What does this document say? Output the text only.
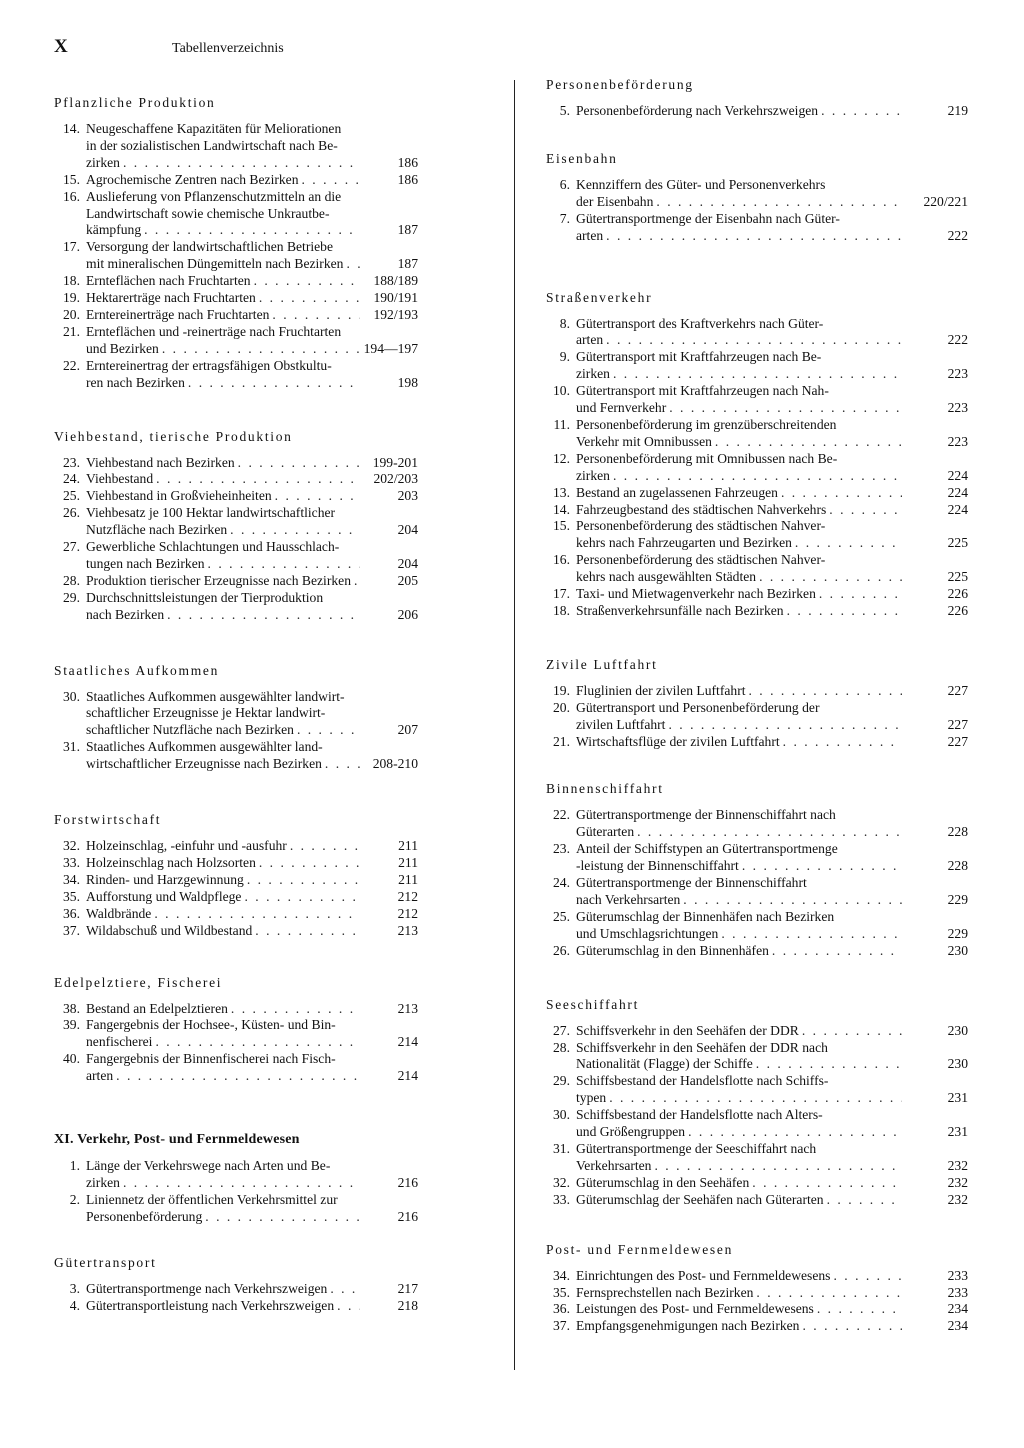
X	Tabellenverzeichnis
Pflanzliche Produktion
14. Neugeschaffene Kapazitäten für Meliorationen
in der sozialistischen Landwirtschaft nach Be-
zirken . . .	186
15. Agrochemische Zentren nach Bezirken . . .	186
16. Auslieferung von Pflanzenschutzmitteln an die
Landwirtschaft sowie chemische Unkrautbe-
kämpfung . . .	187
17. Versorgung der landwirtschaftlichen Betriebe
mit mineralischen Düngemitteln nach Bezirken . . .	187
18. Ernteflächen nach Fruchtarten . . .	188/189
19. Hektarerträge nach Fruchtarten . . .	190/191
20. Erntereinerträge nach Fruchtarten . . .	192/193
21. Ernteflächen und -reinerträge nach Fruchtarten
und Bezirken . . .	194—197
22. Erntereinertrag der ertragsfähigen Obstkultu-
ren nach Bezirken . . .	198
Viehbestand, tierische Produktion
23. Viehbestand nach Bezirken . . .	199-201
24. Viehbestand . . .	202/203
25. Viehbestand in Großvieheinheiten . . .	203
26. Viehbesatz je 100 Hektar landwirtschaftlicher
Nutzfläche nach Bezirken . . .	204
27. Gewerbliche Schlachtungen und Hausschlach-
tungen nach Bezirken . . .	204
28. Produktion tierischer Erzeugnisse nach Bezirken . . .	205
29. Durchschnittsleistungen der Tierproduktion
nach Bezirken . . .	206
Staatliches Aufkommen
30. Staatliches Aufkommen ausgewählter landwirt-
schaftlicher Erzeugnisse je Hektar landwirt-
schaftlicher Nutzfläche nach Bezirken . . .	207
31. Staatliches Aufkommen ausgewählter land-
wirtschaftlicher Erzeugnisse nach Bezirken . . .	208-210
Forstwirtschaft
32. Holzeinschlag, -einfuhr und -ausfuhr . . .	211
33. Holzeinschlag nach Holzsorten . . .	211
34. Rinden- und Harzgewinnung . . .	211
35. Aufforstung und Waldpflege . . .	212
36. Waldbrände . . .	212
37. Wildabschuß und Wildbestand . . .	213
Edelpelztiere, Fischerei
38. Bestand an Edelpelztieren . . .	213
39. Fangergebnis der Hochsee-, Küsten- und Bin-
nenfischerei . . .	214
40. Fangergebnis der Binnenfischerei nach Fisch-
arten . . .	214
XI. Verkehr, Post- und Fernmeldewesen
1. Länge der Verkehrswege nach Arten und Be-
zirken . . .	216
2. Liniennetz der öffentlichen Verkehrsmittel zur
Personenbeförderung . . .	216
Gütertransport
3. Gütertransportmenge nach Verkehrszweigen . . .	217
4. Gütertransportleistung nach Verkehrszweigen . . .	218
Personenbeförderung
5. Personenbeförderung nach Verkehrszweigen . . .	219
Eisenbahn
6. Kennziffern des Güter- und Personenverkehrs
der Eisenbahn . . .	220/221
7. Gütertransportmenge der Eisenbahn nach Güter-
arten . . .	222
Straßenverkehr
8. Gütertransport des Kraftverkehrs nach Güter-
arten . . .	222
9. Gütertransport mit Kraftfahrzeugen nach Be-
zirken . . .	223
10. Gütertransport mit Kraftfahrzeugen nach Nah-
und Fernverkehr . . .	223
11. Personenbeförderung im grenzüberschreitenden
Verkehr mit Omnibussen . . .	223
12. Personenbeförderung mit Omnibussen nach Be-
zirken . . .	224
13. Bestand an zugelassenen Fahrzeugen . . .	224
14. Fahrzeugbestand des städtischen Nahverkehrs . . .	224
15. Personenbeförderung des städtischen Nahver-
kehrs nach Fahrzeugarten und Bezirken . . .	225
16. Personenbeförderung des städtischen Nahver-
kehrs nach ausgewählten Städten . . .	225
17. Taxi- und Mietwagenverkehr nach Bezirken . . .	226
18. Straßenverkehrsunfälle nach Bezirken . . .	226
Zivile Luftfahrt
19. Fluglinien der zivilen Luftfahrt . . .	227
20. Gütertransport und Personenbeförderung der
zivilen Luftfahrt . . .	227
21. Wirtschaftsflüge der zivilen Luftfahrt . . .	227
Binnenschiffahrt
22. Gütertransportmenge der Binnenschiffahrt nach
Güterarten . . .	228
23. Anteil der Schiffstypen an Gütertransportmenge
-leistung der Binnenschiffahrt . . .	228
24. Gütertransportmenge der Binnenschiffahrt
nach Verkehrsarten . . .	229
25. Güterumschlag der Binnenhäfen nach Bezirken
und Umschlagsrichtungen . . .	229
26. Güterumschlag in den Binnenhäfen . . .	230
Seeschiffahrt
27. Schiffsverkehr in den Seehäfen der DDR . . .	230
28. Schiffsverkehr in den Seehäfen der DDR nach
Nationalität (Flagge) der Schiffe . . .	230
29. Schiffsbestand der Handelsflotte nach Schiffs-
typen . . .	231
30. Schiffsbestand der Handelsflotte nach Alters-
und Größengruppen . . .	231
31. Gütertransportmenge der Seeschiffahrt nach
Verkehrsarten . . .	232
32. Güterumschlag in den Seehäfen . . .	232
33. Güterumschlag der Seehäfen nach Güterarten . . .	232
Post- und Fernmeldewesen
34. Einrichtungen des Post- und Fernmeldewesens . . .	233
35. Fernsprechstellen nach Bezirken . . .	233
36. Leistungen des Post- und Fernmeldewesens . . .	234
37. Empfangsgenehmigungen nach Bezirken . . .	234
